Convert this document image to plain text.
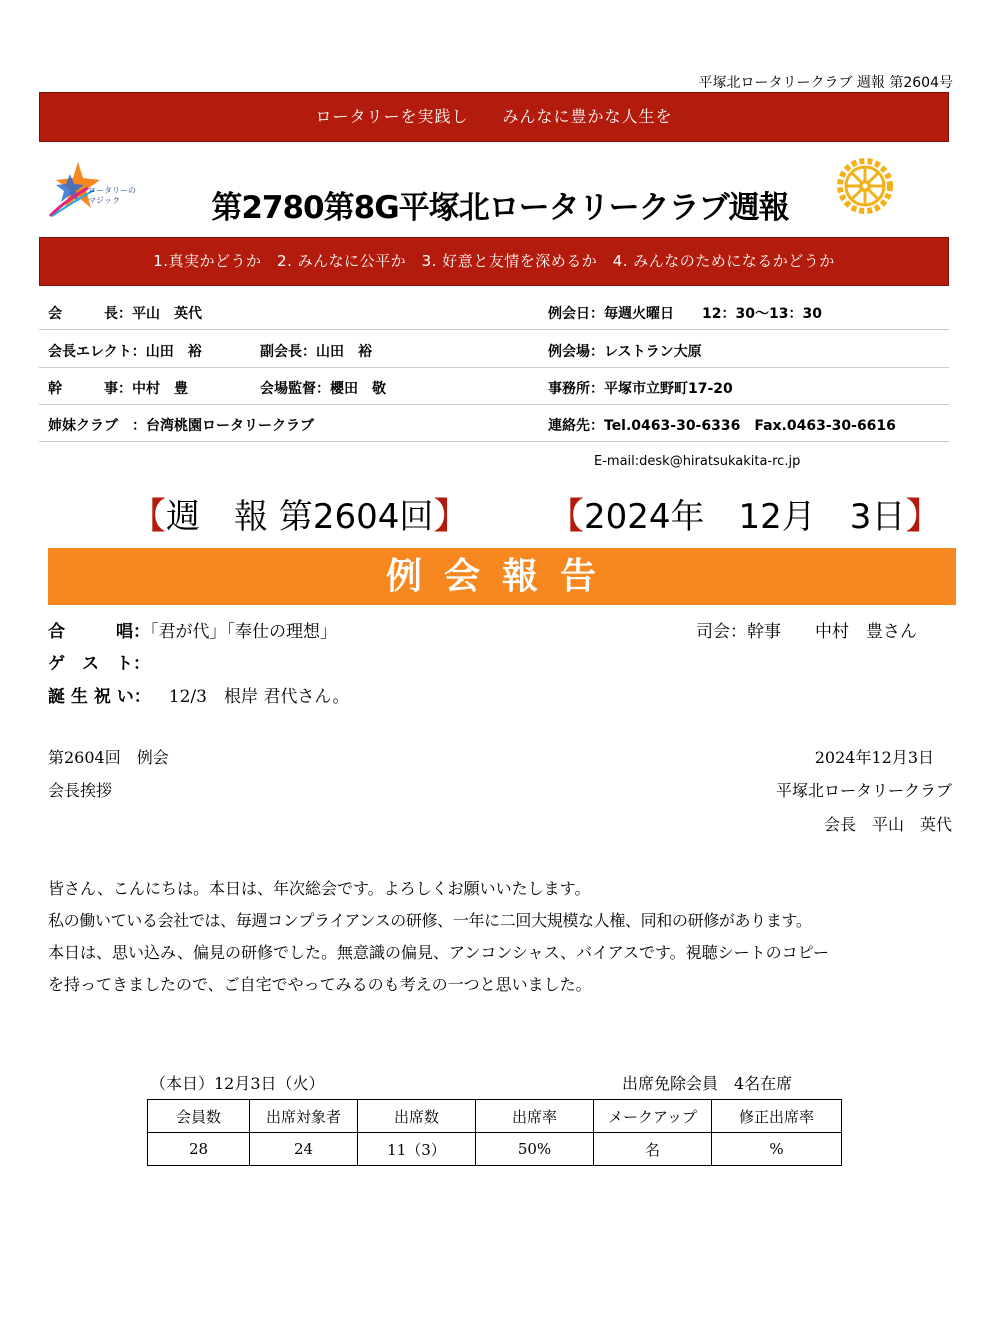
平塚北ロータリークラブ 週報 第2604号
ロータリーを実践し　　みんなに豊かな人生を
ロータリーの
マジック	第2780第8G平塚北ロータリークラブ週報
1.真実かどうか　2. みんなに公平か　3. 好意と友情を深めるか　4. みんなのためになるかどうか
会　　　長：平山　英代	例会日：毎週火曜日　　12：30〜13：30
会長エレクト：山田　裕	副会長：山田　裕	例会場：レストラン大原
幹　　　事：中村　豊	会場監督：櫻田　敬	事務所：平塚市立野町17-20
姉妹クラブ　：台湾桃園ロータリークラブ	連絡先：Tel.0463-30-6336　Fax.0463-30-6616
E-mail:desk@hiratsukakita-rc.jp
【週　報 第2604回】 【2024年　12月　3日】
例会報告
合　　　唱：「君が代」「奉仕の理想」	司会：幹事　　中村　豊さん
ゲ　ス　ト：
誕 生 祝 い： 12/3　根岸 君代さん。
第2604回　例会	2024年12月3日
会長挨拶	平塚北ロータリークラブ
会長　平山　英代
皆さん、こんにちは。本日は、年次総会です。よろしくお願いいたします。
私の働いている会社では、毎週コンプライアンスの研修、一年に二回大規模な人権、同和の研修があります。
本日は、思い込み、偏見の研修でした。無意識の偏見、アンコンシャス、バイアスです。視聴シートのコピー
を持ってきましたので、ご自宅でやってみるのも考えの一つと思いました。
（本日）12月3日（火）	出席免除会員　4名在席
会員数	出席対象者	出席数	出席率	メークアップ	修正出席率
28	24	11（3）	50%	名	%
